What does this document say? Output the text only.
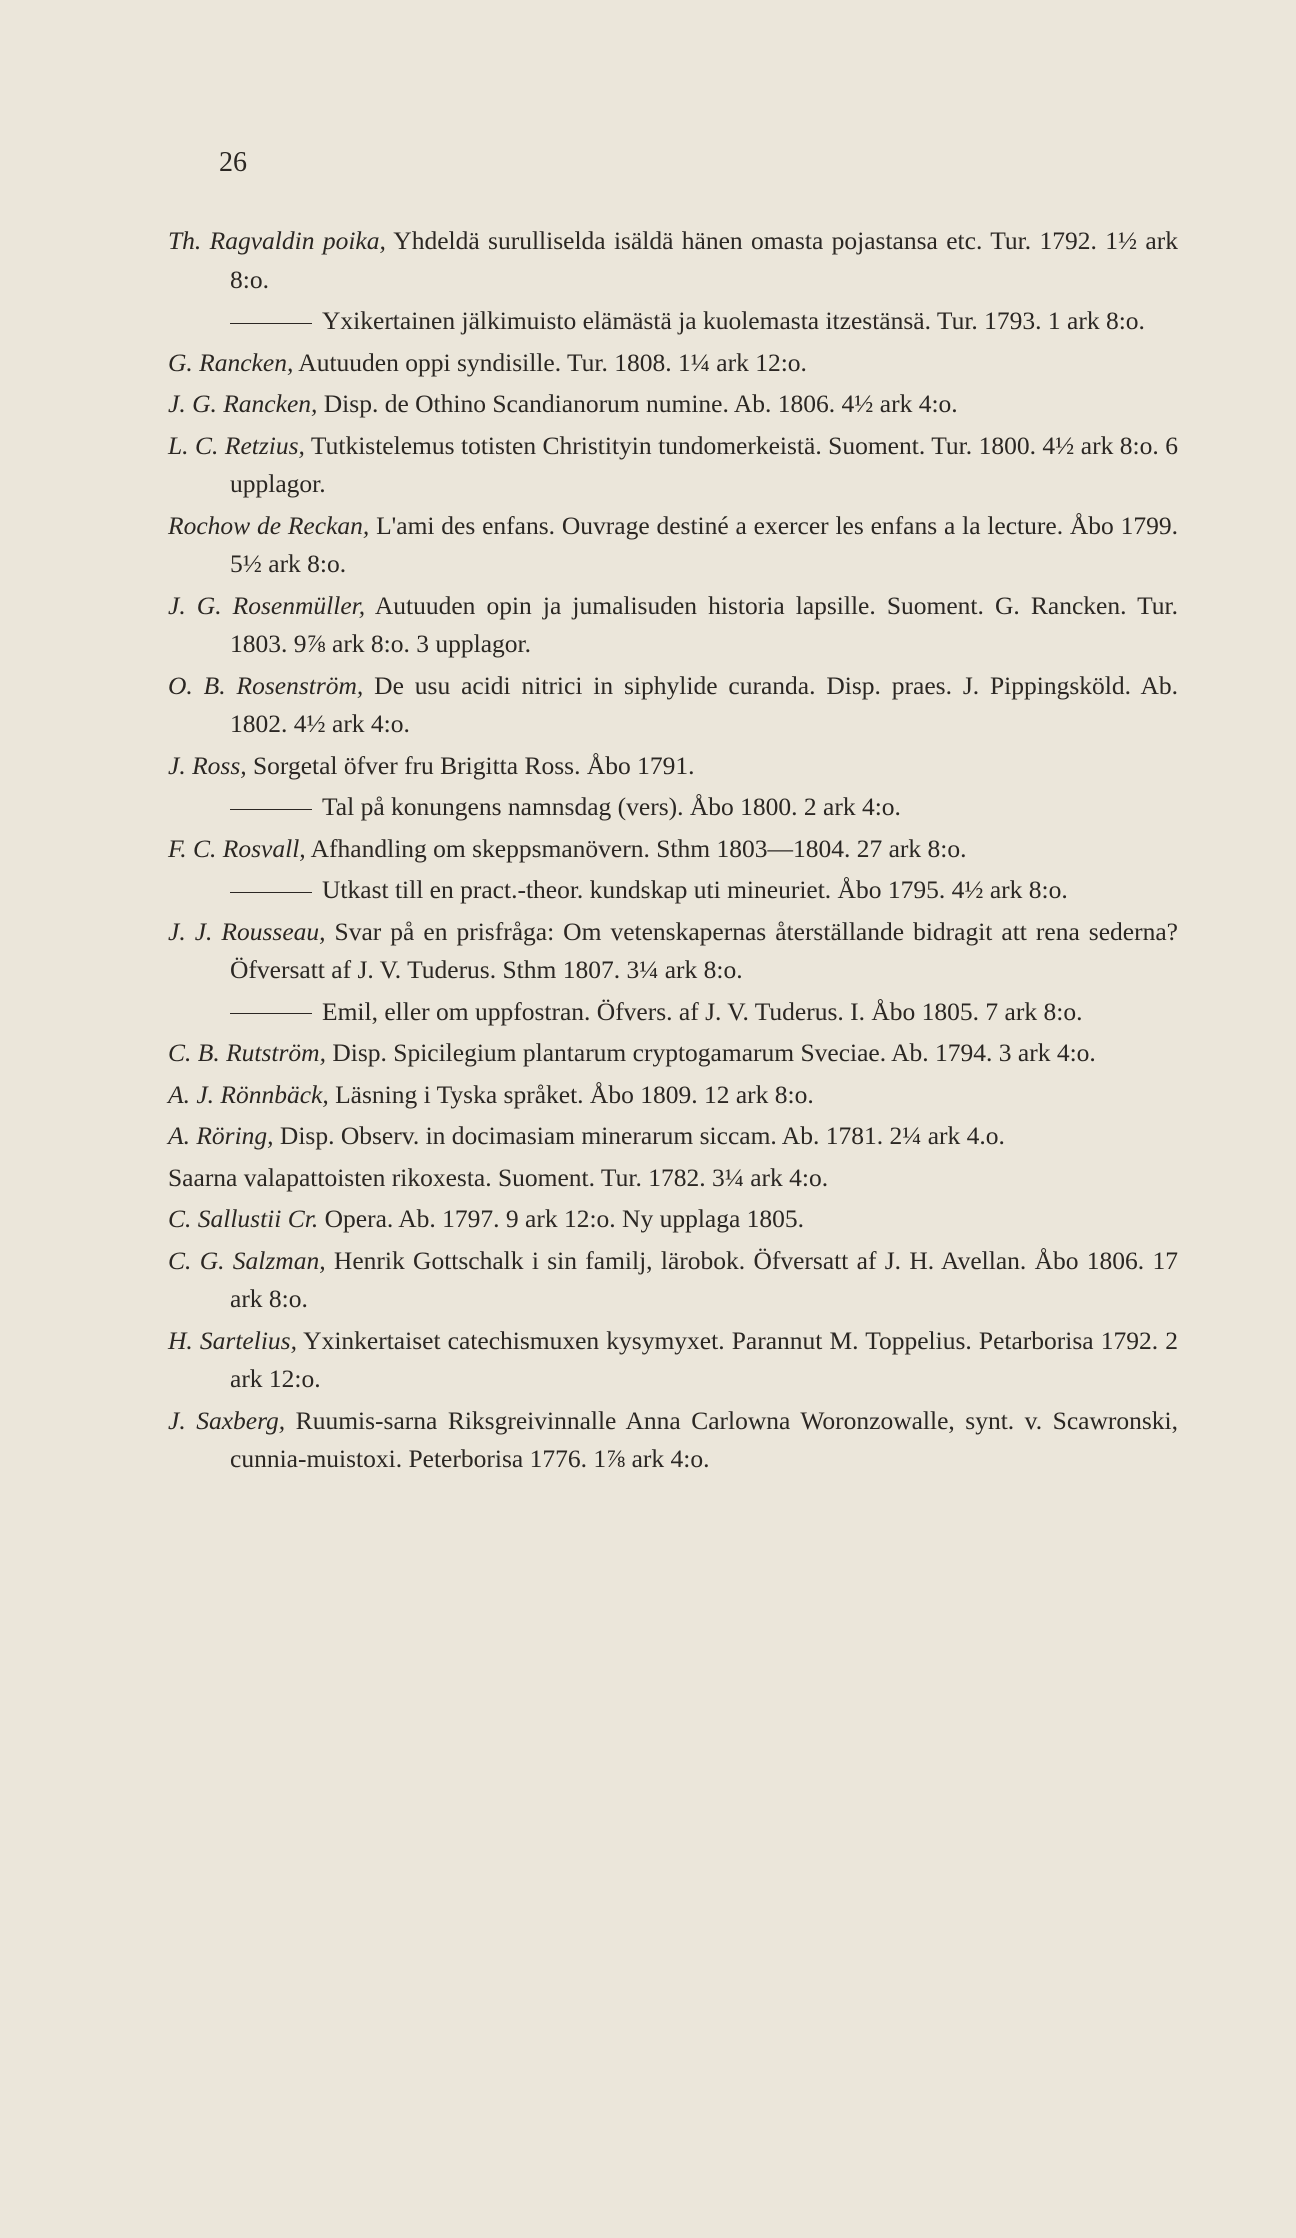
26

Th. Ragvaldin poika, Yhdeldä surulliselda isäldä hänen omasta pojastansa etc. Tur. 1792. 1½ ark 8:o.

Yxikertainen jälkimuisto elämästä ja kuolemasta itzestänsä. Tur. 1793. 1 ark 8:o.

G. Rancken, Autuuden oppi syndisille. Tur. 1808. 1¼ ark 12:o.

J. G. Rancken, Disp. de Othino Scandianorum numine. Ab. 1806. 4½ ark 4:o.

L. C. Retzius, Tutkistelemus totisten Christityin tundomerkeistä. Suoment. Tur. 1800. 4½ ark 8:o. 6 upplagor.

Rochow de Reckan, L'ami des enfans. Ouvrage destiné a exercer les enfans a la lecture. Åbo 1799. 5½ ark 8:o.

J. G. Rosenmüller, Autuuden opin ja jumalisuden historia lapsille. Suoment. G. Rancken. Tur. 1803. 9⅞ ark 8:o. 3 upplagor.

O. B. Rosenström, De usu acidi nitrici in siphylide curanda. Disp. praes. J. Pippingsköld. Ab. 1802. 4½ ark 4:o.

J. Ross, Sorgetal öfver fru Brigitta Ross. Åbo 1791.

Tal på konungens namnsdag (vers). Åbo 1800. 2 ark 4:o.

F. C. Rosvall, Afhandling om skeppsmanövern. Sthm 1803—1804. 27 ark 8:o.

Utkast till en pract.-theor. kundskap uti mineuriet. Åbo 1795. 4½ ark 8:o.

J. J. Rousseau, Svar på en prisfråga: Om vetenskapernas återställande bidragit att rena sederna? Öfversatt af J. V. Tuderus. Sthm 1807. 3¼ ark 8:o.

Emil, eller om uppfostran. Öfvers. af J. V. Tuderus. I. Åbo 1805. 7 ark 8:o.

C. B. Rutström, Disp. Spicilegium plantarum cryptogamarum Sveciae. Ab. 1794. 3 ark 4:o.

A. J. Rönnbäck, Läsning i Tyska språket. Åbo 1809. 12 ark 8:o.

A. Röring, Disp. Observ. in docimasiam minerarum siccam. Ab. 1781. 2¼ ark 4.o.

Saarna valapattoisten rikoxesta. Suoment. Tur. 1782. 3¼ ark 4:o.

C. Sallustii Cr. Opera. Ab. 1797. 9 ark 12:o. Ny upplaga 1805.

C. G. Salzman, Henrik Gottschalk i sin familj, lärobok. Öfversatt af J. H. Avellan. Åbo 1806. 17 ark 8:o.

H. Sartelius, Yxinkertaiset catechismuxen kysymyxet. Parannut M. Toppelius. Petarborisa 1792. 2 ark 12:o.

J. Saxberg, Ruumis-sarna Riksgreivinnalle Anna Carlowna Woronzowalle, synt. v. Scawronski, cunnia-muistoxi. Peterborisa 1776. 1⅞ ark 4:o.
